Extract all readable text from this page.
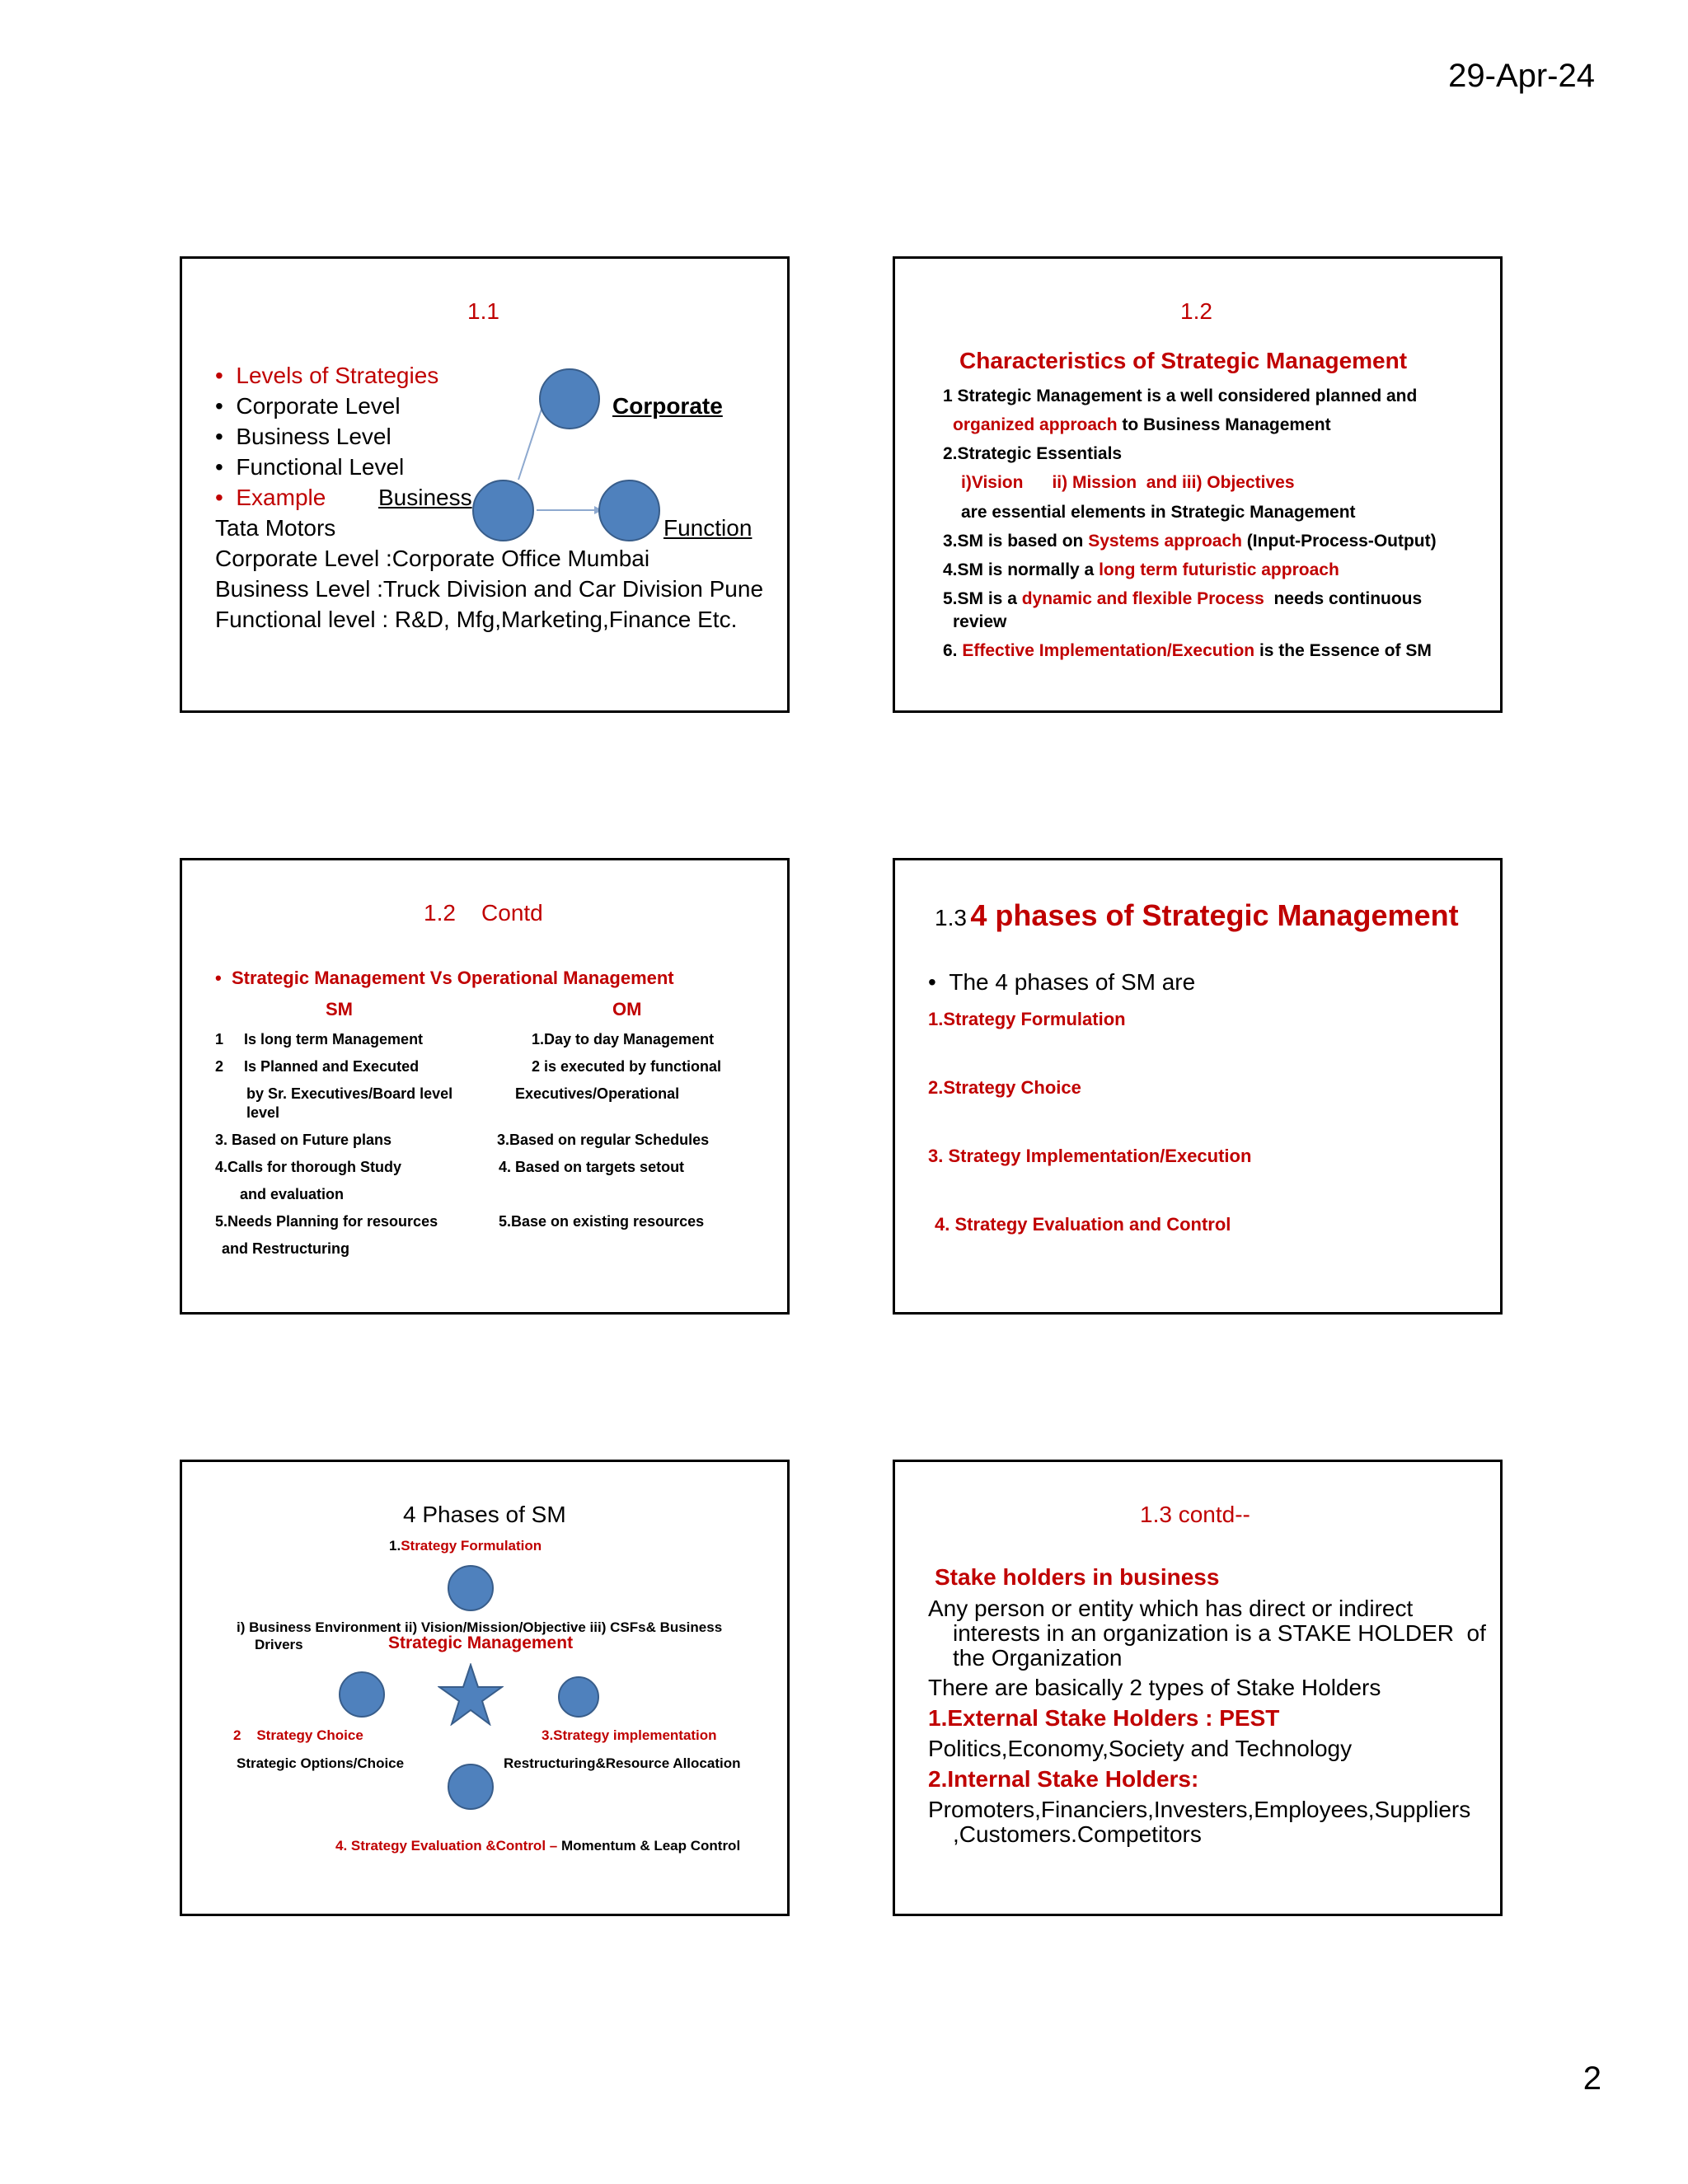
29-Apr-24
1.1
•  Levels of Strategies
•  Corporate Level
•  Business Level
•  Functional Level
•  Example
Corporate
Business
Function
Tata Motors
Corporate Level :Corporate Office Mumbai
Business Level :Truck Division and Car Division Pune
Functional level : R&D, Mfg,Marketing,Finance Etc.
1.2
Characteristics of Strategic Management
1 Strategic Management is a well considered planned and
organized approach to Business Management
2.Strategic Essentials
i)Vision      ii) Mission  and iii) Objectives
are essential elements in Strategic Management
3.SM is based on Systems approach (Input-Process-Output)
4.SM is normally a long term futuristic approach
5.SM is a dynamic and flexible Process  needs continuous
review
6. Effective Implementation/Execution is the Essence of SM
1.2    Contd
•  Strategic Management Vs Operational Management
SM	OM
1     Is long term Management	1.Day to day Management
2     Is Planned and Executed	2 is executed by functional
by Sr. Executives/Board level	Executives/Operational
level
3. Based on Future plans	3.Based on regular Schedules
4.Calls for thorough Study	4. Based on targets setout
and evaluation
5.Needs Planning for resources	5.Base on existing resources
and Restructuring
1.3 4 phases of Strategic Management
•  The 4 phases of SM are
1.Strategy Formulation
2.Strategy Choice
3. Strategy Implementation/Execution
4. Strategy Evaluation and Control
4 Phases of SM
1.Strategy Formulation
i) Business Environment ii) Vision/Mission/Objective iii) CSFs& Business
Drivers	Strategic Management
2    Strategy Choice	3.Strategy implementation
Strategic Options/Choice	Restructuring&Resource Allocation
4. Strategy Evaluation &Control – Momentum & Leap Control
1.3 contd--
Stake holders in business
Any person or entity which has direct or indirect
interests in an organization is a STAKE HOLDER  of
the Organization
There are basically 2 types of Stake Holders
1.External Stake Holders : PEST
Politics,Economy,Society and Technology
2.Internal Stake Holders:
Promoters,Financiers,Investers,Employees,Suppliers
,Customers.Competitors
2
